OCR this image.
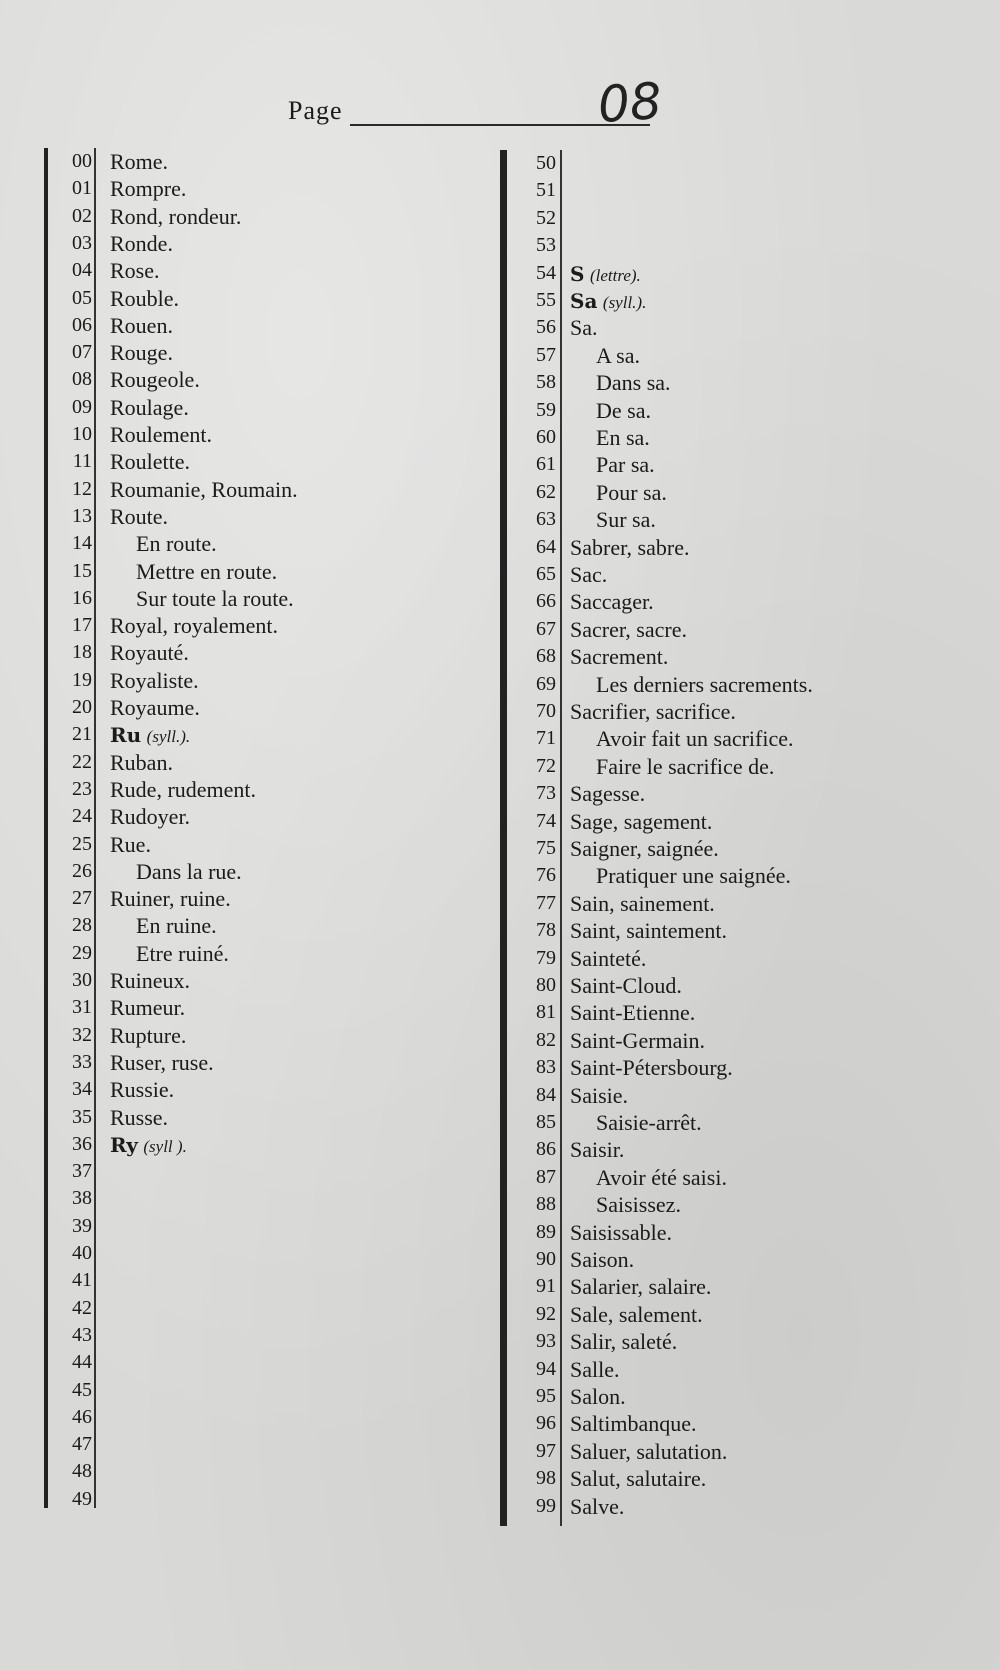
Page	08
00 Rome.
01 Rompre.
02 Rond, rondeur.
03 Ronde.
04 Rose.
05 Rouble.
06 Rouen.
07 Rouge.
08 Rougeole.
09 Roulage.
10 Roulement.
11 Roulette.
12 Roumanie, Roumain.
13 Route.
14 En route.
15 Mettre en route.
16 Sur toute la route.
17 Royal, royalement.
18 Royauté.
19 Royaliste.
20 Royaume.
21 Ru (syll.).
22 Ruban.
23 Rude, rudement.
24 Rudoyer.
25 Rue.
26 Dans la rue.
27 Ruiner, ruine.
28 En ruine.
29 Etre ruiné.
30 Ruineux.
31 Rumeur.
32 Rupture.
33 Ruser, ruse.
34 Russie.
35 Russe.
36 Ry (syll ).
37
38
39
40
41
42
43
44
45
46
47
48
49
50
51
52
53
54 S (lettre).
55 Sa (syll.).
56 Sa.
57 A sa.
58 Dans sa.
59 De sa.
60 En sa.
61 Par sa.
62 Pour sa.
63 Sur sa.
64 Sabrer, sabre.
65 Sac.
66 Saccager.
67 Sacrer, sacre.
68 Sacrement.
69 Les derniers sacrements.
70 Sacrifier, sacrifice.
71 Avoir fait un sacrifice.
72 Faire le sacrifice de.
73 Sagesse.
74 Sage, sagement.
75 Saigner, saignée.
76 Pratiquer une saignée.
77 Sain, sainement.
78 Saint, saintement.
79 Sainteté.
80 Saint-Cloud.
81 Saint-Etienne.
82 Saint-Germain.
83 Saint-Pétersbourg.
84 Saisie.
85 Saisie-arrêt.
86 Saisir.
87 Avoir été saisi.
88 Saisissez.
89 Saisissable.
90 Saison.
91 Salarier, salaire.
92 Sale, salement.
93 Salir, saleté.
94 Salle.
95 Salon.
96 Saltimbanque.
97 Saluer, salutation.
98 Salut, salutaire.
99 Salve.
